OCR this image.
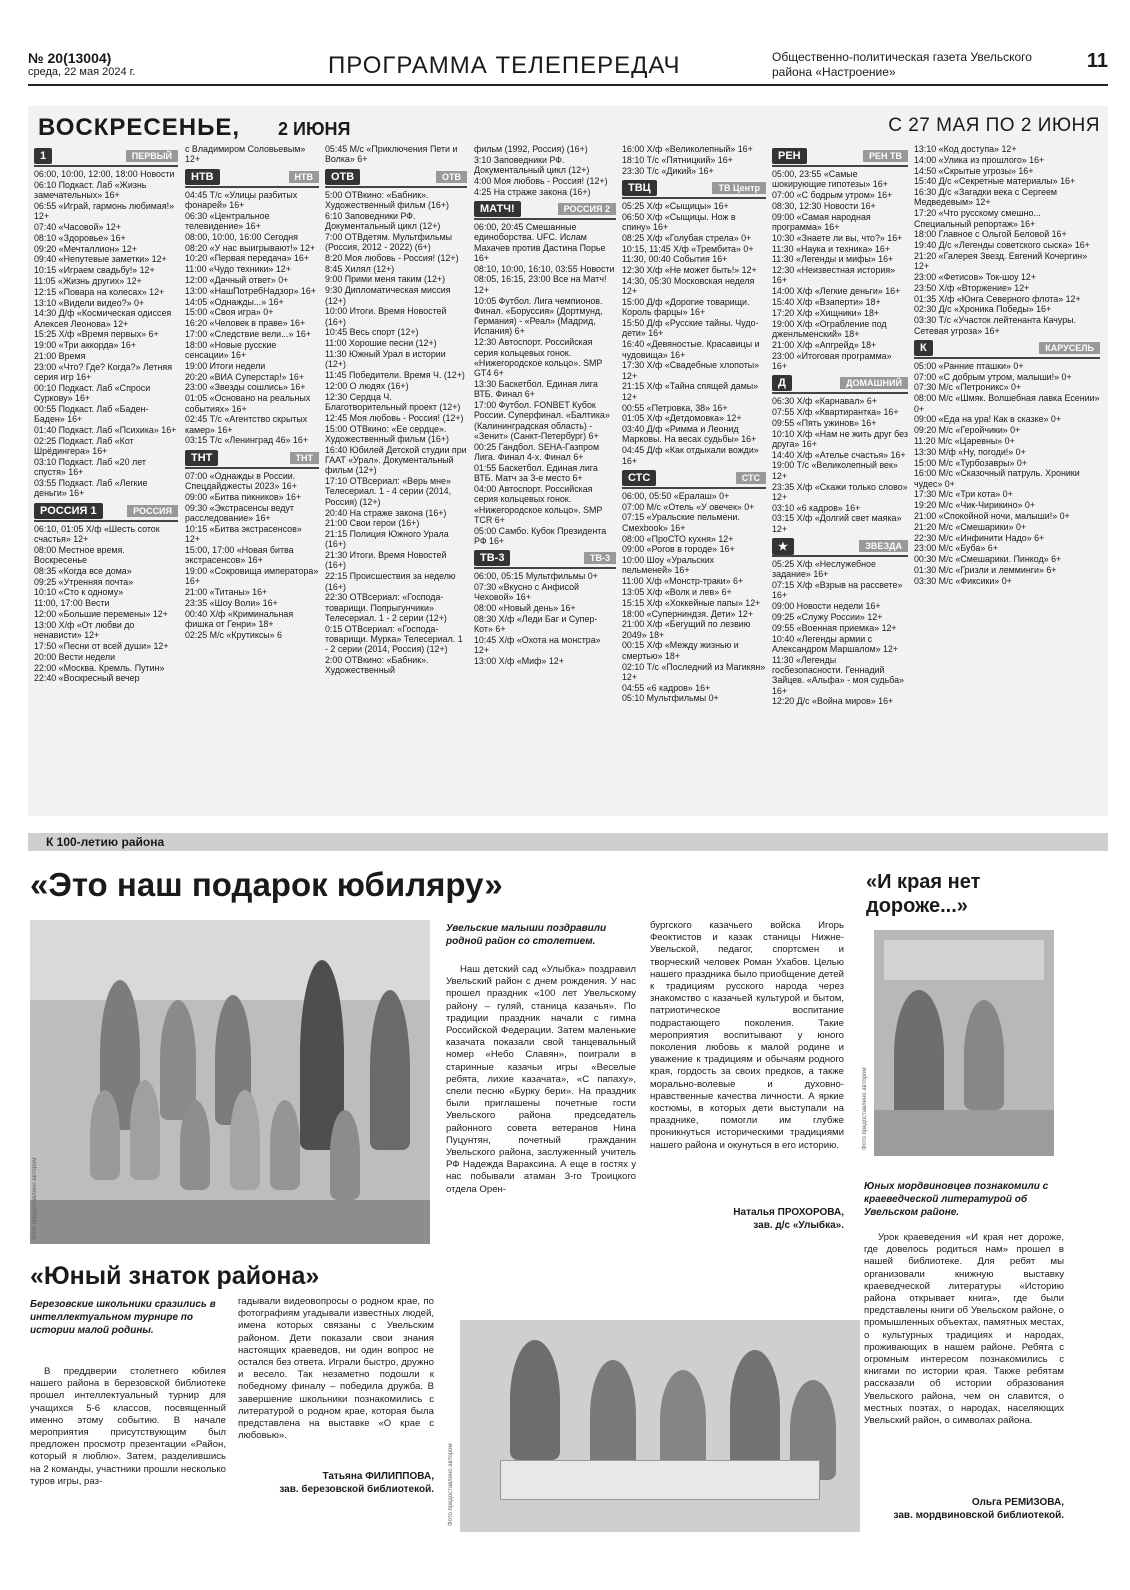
№ 20(13004)
среда, 22 мая 2024 г.	ПРОГРАММА ТЕЛЕПЕРЕДАЧ	Общественно-политическая газета Увельского района «Настроение»	11
ВОСКРЕСЕНЬЕ, 2 ИЮНЯ	С 27 МАЯ ПО 2 ИЮНЯ
1	ПЕРВЫЙ
06:00, 10:00, 12:00, 18:00 Новости
06:10 Подкаст. Лаб «Жизнь замечательных» 16+
06:55 «Играй, гармонь любимая!» 12+
07:40 «Часовой» 12+
08:10 «Здоровье» 16+
09:20 «Мечталлион» 12+
09:40 «Непутевые заметки» 12+
10:15 «Играем свадьбу!» 12+
11:05 «Жизнь других» 12+
12:15 «Повара на колесах» 12+
13:10 «Видели видео?» 0+
14:30 Д/ф «Космическая одиссея Алексея Леонова» 12+
15:25 Х/ф «Время первых» 6+
19:00 «Три аккорда» 16+
21:00 Время
23:00 «Что? Где? Когда?» Летняя серия игр 16+
00:10 Подкаст. Лаб «Спроси Суркову» 16+
00:55 Подкаст. Лаб «Баден-Баден» 16+
01:40 Подкаст. Лаб «Психика» 16+
02:25 Подкаст. Лаб «Кот Шрёдингера» 16+
03:10 Подкаст. Лаб «20 лет спустя» 16+
03:55 Подкаст. Лаб «Легкие деньги» 16+
РОССИЯ 1	РОССИЯ
06:10, 01:05 Х/ф «Шесть соток счастья» 12+
08:00 Местное время. Воскресенье
08:35 «Когда все дома»
09:25 «Утренняя почта»
10:10 «Сто к одному»
11:00, 17:00 Вести
12:00 «Большие перемены» 12+
13:00 Х/ф «От любви до ненависти» 12+
17:50 «Песни от всей души» 12+
20:00 Вести недели
22:00 «Москва. Кремль. Путин»
22:40 «Воскресный вечер
с Владимиром Соловьевым» 12+
НТВ	НТВ
04:45 Т/с «Улицы разбитых фонарей» 16+
06:30 «Центральное телевидение» 16+
08:00, 10:00, 16:00 Сегодня
08:20 «У нас выигрывают!» 12+
10:20 «Первая передача» 16+
11:00 «Чудо техники» 12+
12:00 «Дачный ответ» 0+
13:00 «НашПотребНадзор» 16+
14:05 «Однажды...» 16+
15:00 «Своя игра» 0+
16:20 «Человек в праве» 16+
17:00 «Следствие вели...» 16+
18:00 «Новые русские сенсации» 16+
19:00 Итоги недели
20:20 «ВИА Суперстар!» 16+
23:00 «Звезды сошлись» 16+
01:05 «Основано на реальных событиях» 16+
02:45 Т/с «Агентство скрытых камер» 16+
03:15 Т/с «Ленинград 46» 16+
ТНТ	ТНТ
07:00 «Однажды в России. Спецдайджесты 2023» 16+
09:00 «Битва пикников» 16+
09:30 «Экстрасенсы ведут расследование» 16+
10:15 «Битва экстрасенсов» 12+
15:00, 17:00 «Новая битва экстрасенсов» 16+
19:00 «Сокровища императора» 16+
21:00 «Титаны» 16+
23:35 «Шоу Воли» 16+
00:40 Х/ф «Криминальная фишка от Генри» 18+
02:25 М/с «Крутиксы» 6
05:45 М/с «Приключения Пети и Волка» 6+
ОТВ	ОТВ
5:00 ОТВкино: «Бабник». Художественный фильм (16+)
6:10 Заповедники РФ. Документальный цикл (12+)
7:00 ОТВдетям. Мультфильмы (Россия, 2012 - 2022) (6+)
8:20 Моя любовь - Россия! (12+)
8:45 Хилял (12+)
9:00 Прими меня таким (12+)
9:30 Дипломатическая миссия (12+)
10:00 Итоги. Время Новостей (16+)
10:45 Весь спорт (12+)
11:00 Хорошие песни (12+)
11:30 Южный Урал в истории (12+)
11:45 Победители. Время Ч. (12+)
12:00 О людях (16+)
12:30 Сердца Ч. Благотворительный проект (12+)
12:45 Моя любовь - Россия! (12+)
15:00 ОТВкино: «Ее сердце». Художественный фильм (16+)
16:40 Юбилей Детской студии при ГААТ «Урал». Документальный фильм (12+)
17:10 ОТВсериал: «Верь мне» Телесериал. 1 - 4 серии (2014, Россия) (12+)
20:40 На страже закона (16+)
21:00 Свои герои (16+)
21:15 Полиция Южного Урала (16+)
21:30 Итоги. Время Новостей (16+)
22:15 Происшествия за неделю (16+)
22:30 ОТВсериал: «Господа-товарищи. Попрыгунчики» Телесериал. 1 - 2 серии (12+)
0:15 ОТВсериал: «Господа-товарищи. Мурка» Телесериал. 1 - 2 серии (2014, Россия) (12+)
2:00 ОТВкино: «Бабник». Художественный
фильм (1992, Россия) (16+)
3:10 Заповедники РФ. Документальный цикл (12+)
4:00 Моя любовь - Россия! (12+)
4:25 На страже закона (16+)
МАТЧ!	РОССИЯ 2
06:00, 20:45 Смешанные единоборства. UFC. Ислам Махачев против Дастина Порье 16+
08:10, 10:00, 16:10, 03:55 Новости
08:05, 16:15, 23:00 Все на Матч! 12+
10:05 Футбол. Лига чемпионов. Финал. «Боруссия» (Дортмунд, Германия) - «Реал» (Мадрид, Испания) 6+
12:30 Автоспорт. Российская серия кольцевых гонок. «Нижегородское кольцо». SMP GT4 6+
13:30 Баскетбол. Единая лига ВТБ. Финал 6+
17:00 Футбол. FONBET Кубок России. Суперфинал. «Балтика» (Калининградская область) - «Зенит» (Санкт-Петербург) 6+
00:25 Гандбол. SEHA-Газпром Лига. Финал 4-х. Финал 6+
01:55 Баскетбол. Единая лига ВТБ. Матч за 3-е место 6+
04:00 Автоспорт. Российская серия кольцевых гонок. «Нижегородское кольцо». SMP TCR 6+
05:00 Самбо. Кубок Президента РФ 16+
ТВ-3	ТВ-3
06:00, 05:15 Мультфильмы 0+
07:30 «Вкусно с Анфисой Чеховой» 16+
08:00 «Новый день» 16+
08:30 Х/ф «Леди Баг и Супер-Кот» 6+
10:45 Х/ф «Охота на монстра» 12+
13:00 Х/ф «Миф» 12+
16:00 Х/ф «Великолепный» 16+
18:10 Т/с «Пятницкий» 16+
23:30 Т/с «Дикий» 16+
ТВЦ	ТВ Центр
05:25 Х/ф «Сыщицы» 16+
06:50 Х/ф «Сыщицы. Нож в спину» 16+
08:25 Х/ф «Голубая стрела» 0+
10:15, 11:45 Х/ф «Трембита» 0+
11:30, 00:40 События 16+
12:30 Х/ф «Не может быть!» 12+
14:30, 05:30 Московская неделя 12+
15:00 Д/ф «Дорогие товарищи. Король фарцы» 16+
15:50 Д/ф «Русские тайны. Чудо-дети» 16+
16:40 «Девяностые. Красавицы и чудовища» 16+
17:30 Х/ф «Свадебные хлопоты» 12+
21:15 Х/ф «Тайна спящей дамы» 12+
00:55 «Петровка, 38» 16+
01:05 Х/ф «Детдомовка» 12+
03:40 Д/ф «Римма и Леонид Марковы. На весах судьбы» 16+
04:45 Д/ф «Как отдыхали вожди» 16+
СТС	СТС
06:00, 05:50 «Ералаш» 0+
07:00 М/с «Отель «У овечек» 0+
07:15 «Уральские пельмени. Смехbook» 16+
08:00 «ПроСТО кухня» 12+
09:00 «Рогов в городе» 16+
10:00 Шоу «Уральских пельменей» 16+
11:00 Х/ф «Монстр-траки» 6+
13:05 Х/ф «Волк и лев» 6+
15:15 Х/ф «Хоккейные папы» 12+
18:00 «Суперниндзя. Дети» 12+
21:00 Х/ф «Бегущий по лезвию 2049» 18+
00:15 Х/ф «Между жизнью и смертью» 18+
02:10 Т/с «Последний из Магикян» 12+
04:55 «6 кадров» 16+
05:10 Мультфильмы 0+
РЕН	РЕН ТВ
05:00, 23:55 «Самые шокирующие гипотезы» 16+
07:00 «С бодрым утром» 16+
08:30, 12:30 Новости 16+
09:00 «Самая народная программа» 16+
10:30 «Знаете ли вы, что?» 16+
11:30 «Наука и техника» 16+
11:30 «Легенды и мифы» 16+
12:30 «Неизвестная история» 16+
14:00 Х/ф «Легкие деньги» 16+
15:40 Х/ф «Взаперти» 18+
17:20 Х/ф «Хищники» 18+
19:00 Х/ф «Ограбление под дженльменский» 18+
21:00 Х/ф «Апгрейд» 18+
23:00 «Итоговая программа» 16+
Д	ДОМАШНИЙ
06:30 Х/ф «Карнавал» 6+
07:55 Х/ф «Квартирантка» 16+
09:55 «Пять ужинов» 16+
10:10 Х/ф «Нам не жить друг без друга» 16+
14:40 Х/ф «Ателье счастья» 16+
19:00 Т/с «Великолепный век» 12+
23:35 Х/ф «Скажи только слово» 12+
03:10 «6 кадров» 16+
03:15 Х/ф «Долгий свет маяка» 12+
★	ЗВЕЗДА
05:25 Х/ф «Неслужебное задание» 16+
07:15 Х/ф «Взрыв на рассвете» 16+
09:00 Новости недели 16+
09:25 «Служу России» 12+
09:55 «Военная приемка» 12+
10:40 «Легенды армии с Александром Маршалом» 12+
11:30 «Легенды госбезопасности. Геннадий Зайцев. «Альфа» - моя судьба» 16+
12:20 Д/с «Война миров» 16+
13:10 «Код доступа» 12+
14:00 «Улика из прошлого» 16+
14:50 «Скрытые угрозы» 16+
15:40 Д/с «Секретные материалы» 16+
16:30 Д/с «Загадки века с Сергеем Медведевым» 12+
17:20 «Что русскому смешно... Специальный репортаж» 16+
18:00 Главное с Ольгой Беловой 16+
19:40 Д/с «Легенды советского сыска» 16+
21:20 «Галерея Звезд. Евгений Кочергин» 12+
23:00 «Фетисов» Ток-шоу 12+
23:50 Х/ф «Вторжение» 12+
01:35 Х/ф «Юнга Северного флота» 12+
02:30 Д/с «Хроника Победы» 16+
03:30 Т/с «Участок лейтенанта Качуры. Сетевая угроза» 16+
К	КАРУСЕЛЬ
05:00 «Ранние пташки» 0+
07:00 «С добрым утром, малыши!» 0+
07:30 М/с «Петроникс» 0+
08:00 М/с «Шмяк. Волшебная лавка Есении» 0+
09:00 «Еда на ура! Как в сказке» 0+
09:20 М/с «Геройчики» 0+
11:20 М/с «Царевны» 0+
13:30 М/ф «Ну, погоди!» 0+
15:00 М/с «Турбозавры» 0+
16:00 М/с «Сказочный патруль. Хроники чудес» 0+
17:30 М/с «Три кота» 0+
19:20 М/с «Чик-Чирикино» 0+
21:00 «Спокойной ночи, малыши!» 0+
21:20 М/с «Смешарики» 0+
22:30 М/с «Инфинити Надо» 6+
23:00 М/с «Буба» 6+
00:30 М/с «Смешарики. Пинкод» 6+
01:30 М/с «Гризли и лемминги» 6+
03:30 М/с «Фиксики» 0+
К 100-летию района
«Это наш подарок юбиляру»
Фото предоставлено автором
Увельские малыши поздравили родной район со столетием.
Наш детский сад «Улыбка» поздравил Увельский район с днем рождения. У нас прошел праздник «100 лет Увельскому району – гуляй, станица казачья». По традиции праздник начали с гимна Российской Федерации. Затем маленькие казачата показали свой танцевальный номер «Небо Славян», поиграли в старинные казачьи игры «Веселые ребята, лихие казачата», «С папаху», спели песню «Бурку бери». На праздник были приглашены почетные гости Увельского района председатель районного совета ветеранов Нина Пуцунтян, почетный гражданин Увельского района, заслуженный учитель РФ Надежда Вараксина. А еще в гостях у нас побывали атаман 3-го Троицкого отдела Орен-
бургского казачьего войска Игорь Феоктистов и казак станицы Нижне-Увельской, педагог, спортсмен и творческий человек Роман Ухабов. Целью нашего праздника было приобщение детей к традициям русского народа через знакомство с казачьей культурой и бытом, патриотическое воспитание подрастающего поколения. Такие мероприятия воспитывают у юного поколения любовь к малой родине и уважение к традициям и обычаям родного края, гордость за своих предков, а также морально-волевые и духовно-нравственные качества личности. А яркие костюмы, в которых дети выступали на празднике, помогли им глубже проникнуться историческими традициями нашего района и окунуться в его историю.
Наталья ПРОХОРОВА,
зав. д/с «Улыбка».
«Юный знаток района»
Березовские школьники сразились в интеллектуальном турнире по истории малой родины.
В преддверии столетнего юбилея нашего района в березовской библиотеке прошел интеллектуальный турнир для учащихся 5-6 классов, посвященный именно этому событию. В начале мероприятия присутствующим был предложен просмотр презентации «Район, который я люблю». Затем, разделившись на 2 команды, участники прошли несколько туров игры, раз-
гадывали видеовопросы о родном крае, по фотографиям угадывали известных людей, имена которых связаны с Увельским районом. Дети показали свои знания настоящих краеведов, ни один вопрос не остался без ответа. Играли быстро, дружно и весело. Так незаметно подошли к победному финалу – победила дружба. В завершение школьники познакомились с литературой о родном крае, которая была представлена на выставке «О крае с любовью».
Татьяна ФИЛИППОВА,
зав. березовской библиотекой. Фото предоставлено автором
«И края нет дороже...»
Фото предоставлено автором
Юных мордвиновцев познакомили с краеведческой литературой об Увельском районе.
Урок краеведения «И края нет дороже, где довелось родиться нам» прошел в нашей библиотеке. Для ребят мы организовали книжную выставку краеведческой литературы «Историю района открывает книга», где были представлены книги об Увельском районе, о промышленных объектах, памятных местах, о культурных традициях и народах, проживающих в нашем районе. Ребята с огромным интересом познакомились с книгами по истории края. Также ребятам рассказали об истории образования Увельского района, чем он славится, о местных поэтах, о народах, населяющих Увельский район, о символах района.
Ольга РЕМИЗОВА,
зав. мордвиновской библиотекой.
